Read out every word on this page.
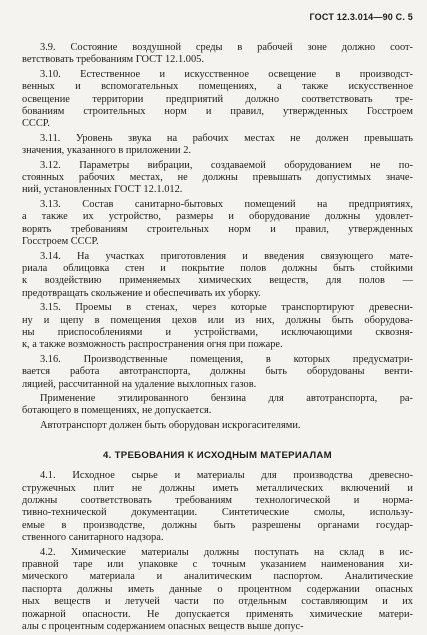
ГОСТ 12.3.014—90 С. 5
3.9. Состояние воздушной среды в рабочей зоне должно соот-
ветствовать требованиям ГОСТ 12.1.005.
3.10. Естественное и искусственное освещение в производст-
венных и вспомогательных помещениях, а также искусственное
освещение территории предприятий должно соответствовать тре-
бованиям строительных норм и правил, утвержденных Госстроем
СССР.
3.11. Уровень звука на рабочих местах не должен превышать
значения, указанного в приложении 2.
3.12. Параметры вибрации, создаваемой оборудованием не по-
стоянных рабочих местах, не должны превышать допустимых значе-
ний, установленных ГОСТ 12.1.012.
3.13. Состав санитарно-бытовых помещений на предприятиях,
а также их устройство, размеры и оборудование должны удовлет-
ворять требованиям строительных норм и правил, утвержденных
Госстроем СССР.
3.14. На участках приготовления и введения связующего мате-
риала облицовка стен и покрытие полов должны быть стойкими
к воздействию применяемых химических веществ, для полов —
предотвращать скольжение и обеспечивать их уборку.
3.15. Проемы в стенах, через которые транспортируют древесни-
ну и щепу в помещения цехов или из них, должны быть оборудова-
ны приспособлениями и устройствами, исключающими сквозня-
к, а также возможность распространения огня при пожаре.
3.16. Производственные помещения, в которых предусматри-
вается работа автотранспорта, должны быть оборудованы венти-
ляцией, рассчитанной на удаление выхлопных газов.
Применение этилированного бензина для автотранспорта, ра-
ботающего в помещениях, не допускается.
Автотранспорт должен быть оборудован искрогасителями.
4. ТРЕБОВАНИЯ К ИСХОДНЫМ МАТЕРИАЛАМ
4.1. Исходное сырье и материалы для производства древесно-
стружечных плит не должны иметь металлических включений и
должны соответствовать требованиям технологической и норма-
тивно-технической документации. Синтетические смолы, использу-
емые в производстве, должны быть разрешены органами государ-
ственного санитарного надзора.
4.2. Химические материалы должны поступать на склад в ис-
правной таре или упаковке с точным указанием наименования хи-
мического материала и аналитическим паспортом. Аналитические
паспорта должны иметь данные о процентном содержании опасных
ных веществ и летучей части по отдельным составляющим и их
пожарной опасности. Не допускается применять химические матери-
алы с процентным содержанием опасных веществ выше допус-
